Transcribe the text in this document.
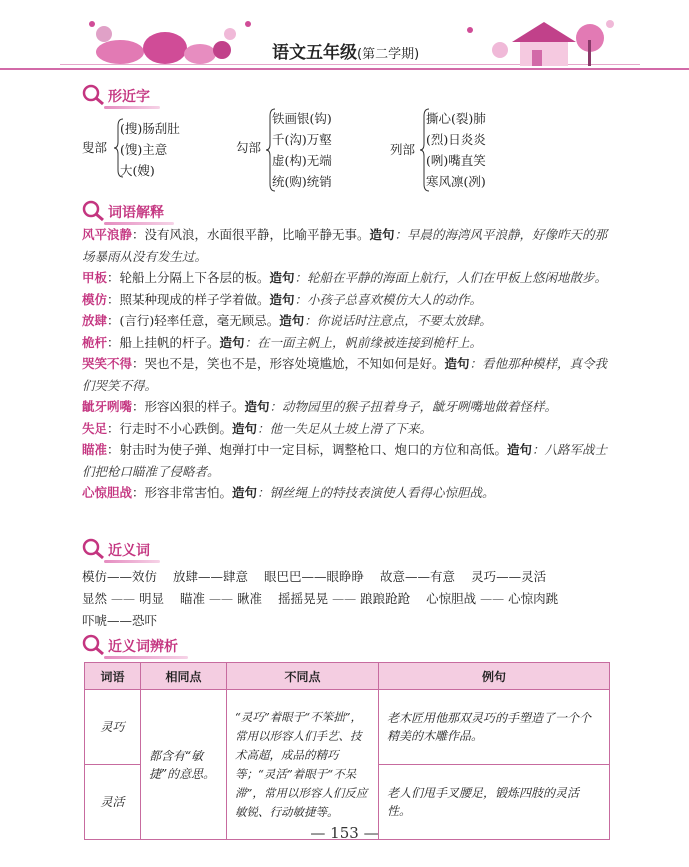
语文五年级(第二学期)
形近字
叟部
(搜)肠刮肚
(馊)主意
大(嫂)
勾部
铁画银(钩)
千(沟)万壑
虚(构)无端
统(购)统销
列部
撕心(裂)肺
(烈)日炎炎
(咧)嘴直笑
寒风凛(冽)
词语解释

风平浪静：没有风浪，水面很平静，比喻平静无事。造句：早晨的海湾风平浪静，好像昨天的那场暴雨从没有发生过。

甲板：轮船上分隔上下各层的板。造句：轮船在平静的海面上航行，人们在甲板上悠闲地散步。

模仿：照某种现成的样子学着做。造句：小孩子总喜欢模仿大人的动作。

放肆：(言行)轻率任意，毫无顾忌。造句：你说话时注意点，不要太放肆。

桅杆：船上挂帆的杆子。造句：在一面主帆上，帆前缘被连接到桅杆上。

哭笑不得：哭也不是，笑也不是，形容处境尴尬，不知如何是好。造句：看他那种模样，真令我们哭笑不得。

龇牙咧嘴：形容凶狠的样子。造句：动物园里的猴子扭着身子，龇牙咧嘴地做着怪样。

失足：行走时不小心跌倒。造句：他一失足从土坡上滑了下来。

瞄准：射击时为使子弹、炮弹打中一定目标，调整枪口、炮口的方位和高低。造句：八路军战士们把枪口瞄准了侵略者。

心惊胆战：形容非常害怕。造句：钢丝绳上的特技表演使人看得心惊胆战。

近义词
模仿——效仿 放肆——肆意 眼巴巴——眼睁睁 故意——有意 灵巧——灵活
显然 —— 明显 瞄准 —— 瞅准 摇摇晃晃 —— 踉踉跄跄 心惊胆战 —— 心惊肉跳
吓唬——恐吓
近义词辨析
词语	相同点	不同点	例句
灵巧	都含有“敏捷”的意思。	“灵巧”着眼于“不笨拙”，常用以形容人们手艺、技术高超，成品的精巧等；“灵活”着眼于“不呆滞”，常用以形容人们反应敏锐、行动敏捷等。	老木匠用他那双灵巧的手塑造了一个个精美的木雕作品。
灵活			老人们甩手叉腰足，锻炼四肢的灵活性。
— 153 —
